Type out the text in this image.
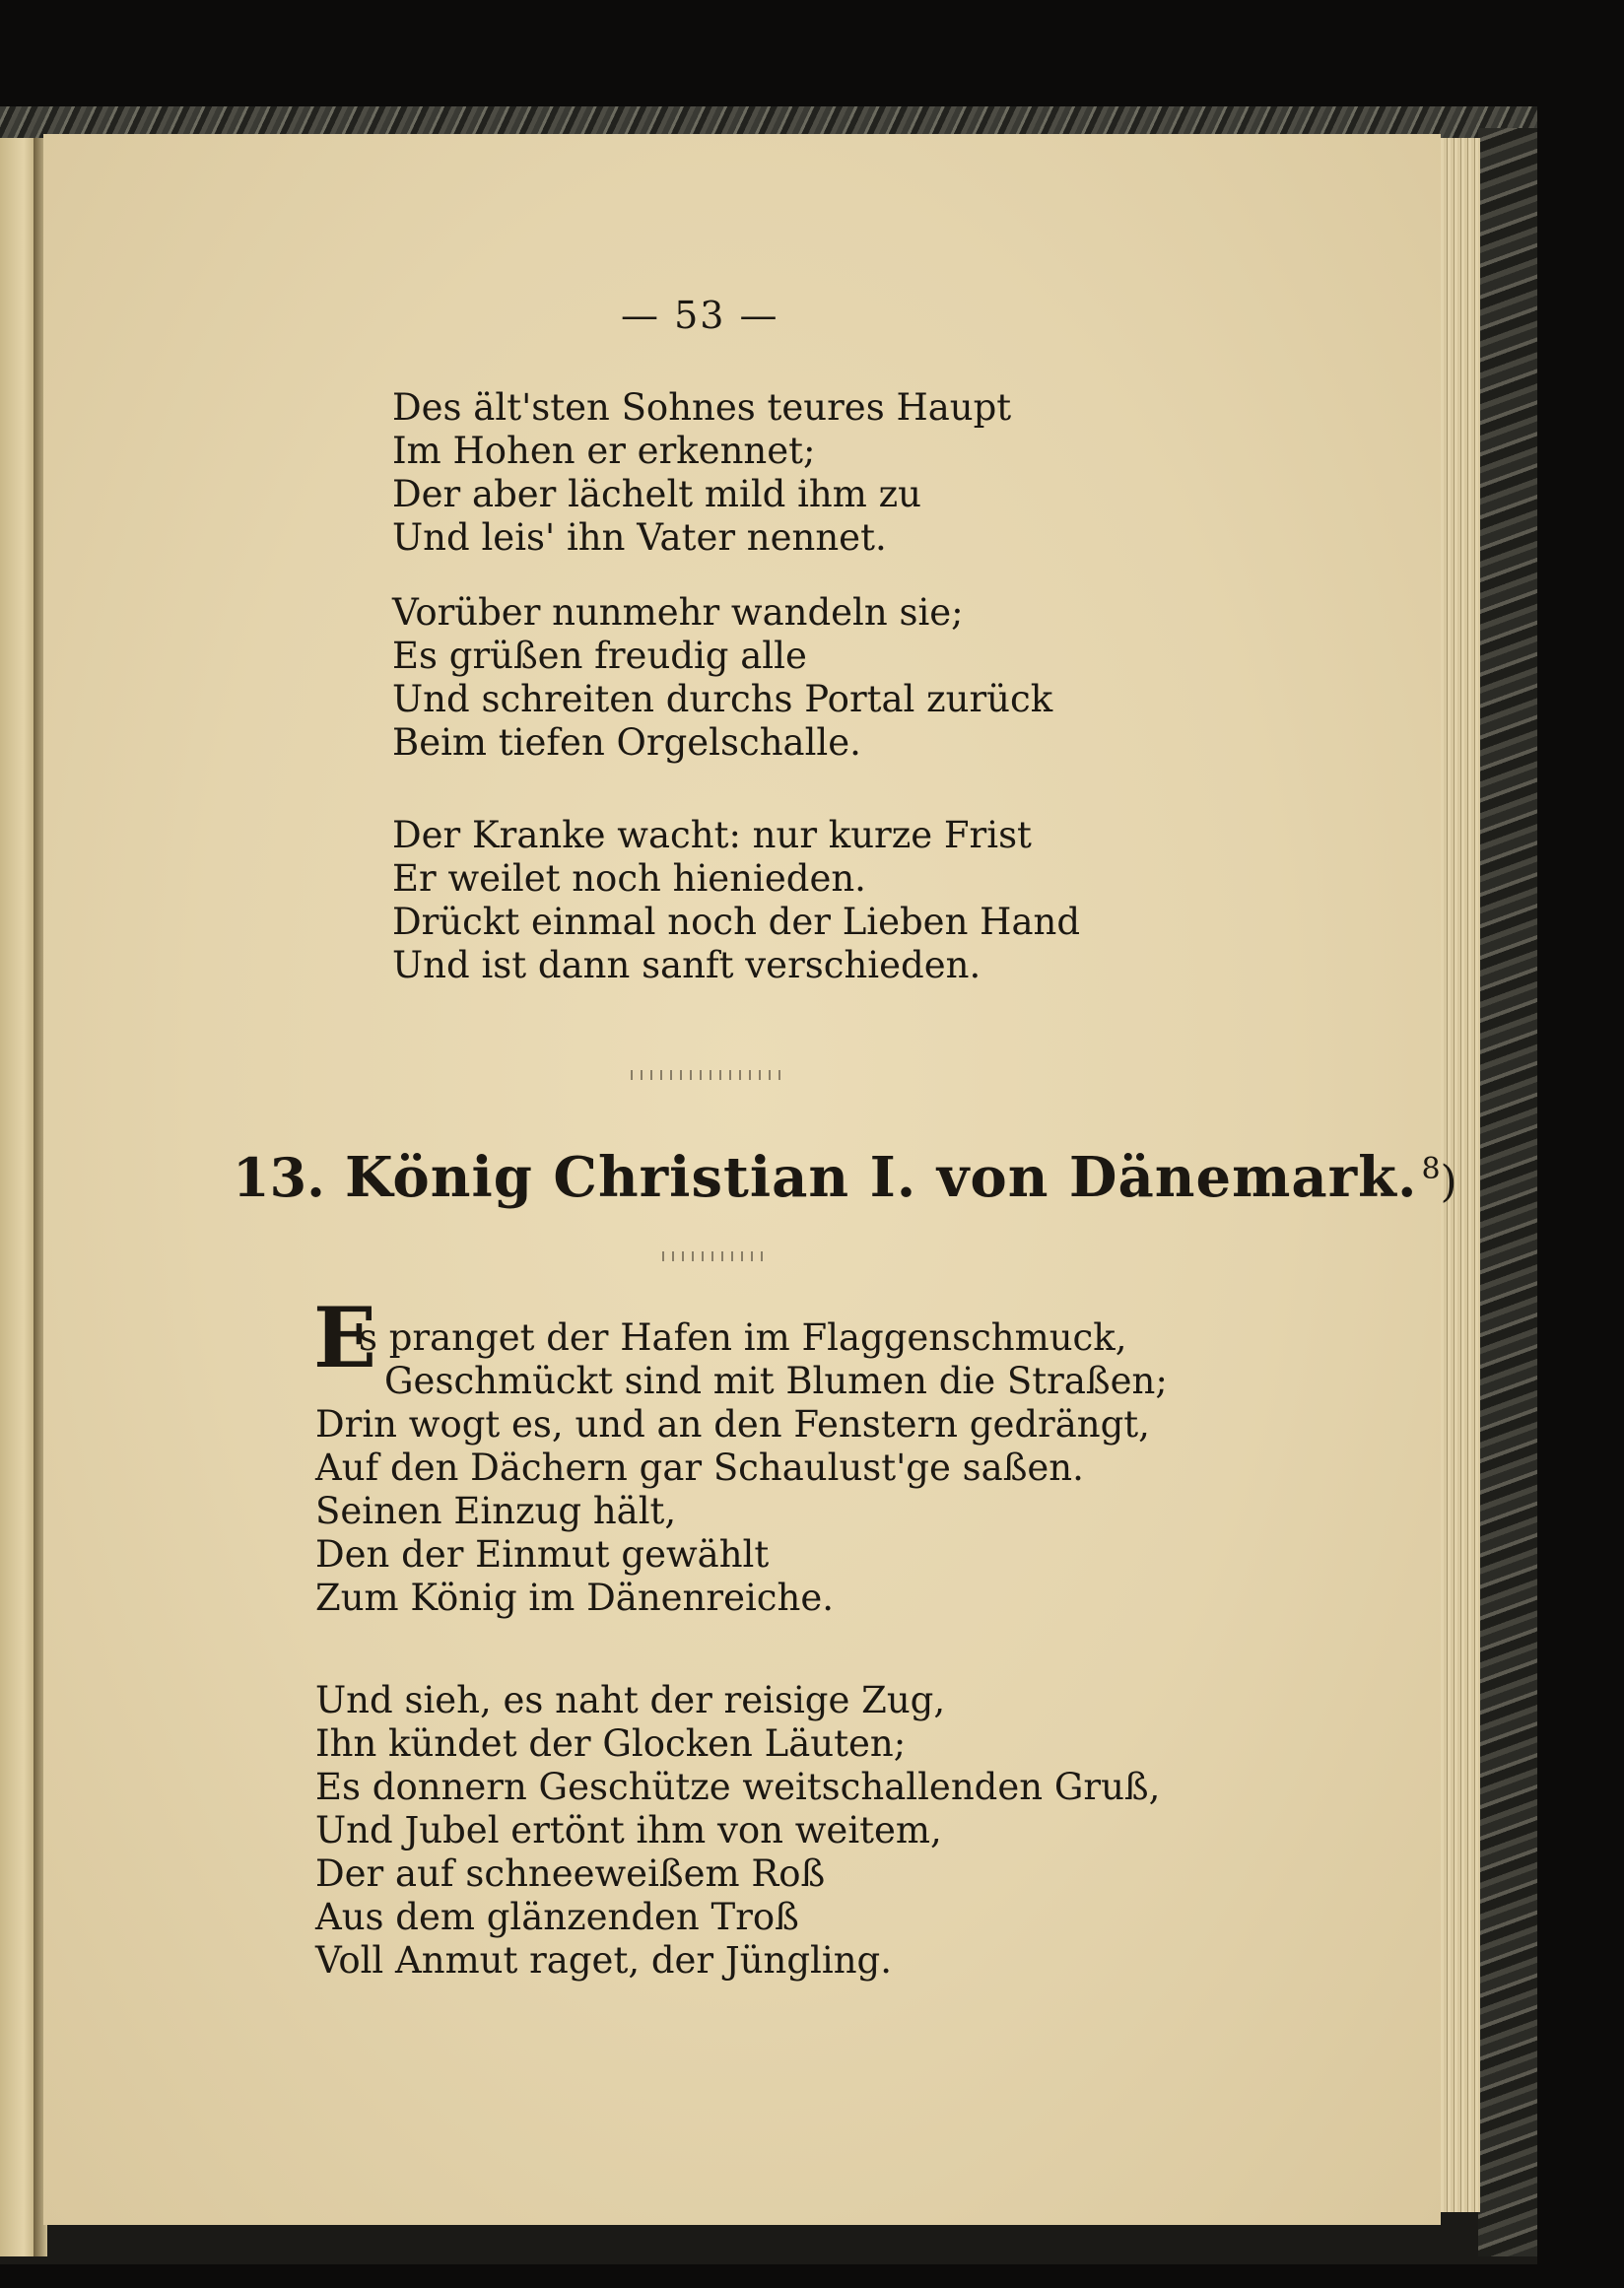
— 53 —
Des ält'sten Sohnes teures Haupt
Im Hohen er erkennet;
Der aber lächelt mild ihm zu
Und leis' ihn Vater nennet.
Vorüber nunmehr wandeln sie;
Es grüßen freudig alle
Und schreiten durchs Portal zurück
Beim tiefen Orgelschalle.
Der Kranke wacht: nur kurze Frist
Er weilet noch hienieden.
Drückt einmal noch der Lieben Hand
Und ist dann sanft verschieden.
13. König Christian I. von Dänemark. $^8$)
E
s pranget der Hafen im Flaggenschmuck,
Geschmückt sind mit Blumen die Straßen;
Drin wogt es, und an den Fenstern gedrängt,
Auf den Dächern gar Schaulust'ge saßen.
Seinen Einzug hält,
Den der Einmut gewählt
Zum König im Dänenreiche.
Und sieh, es naht der reisige Zug,
Ihn kündet der Glocken Läuten;
Es donnern Geschütze weitschallenden Gruß,
Und Jubel ertönt ihm von weitem,
Der auf schneeweißem Roß
Aus dem glänzenden Troß
Voll Anmut raget, der Jüngling.
